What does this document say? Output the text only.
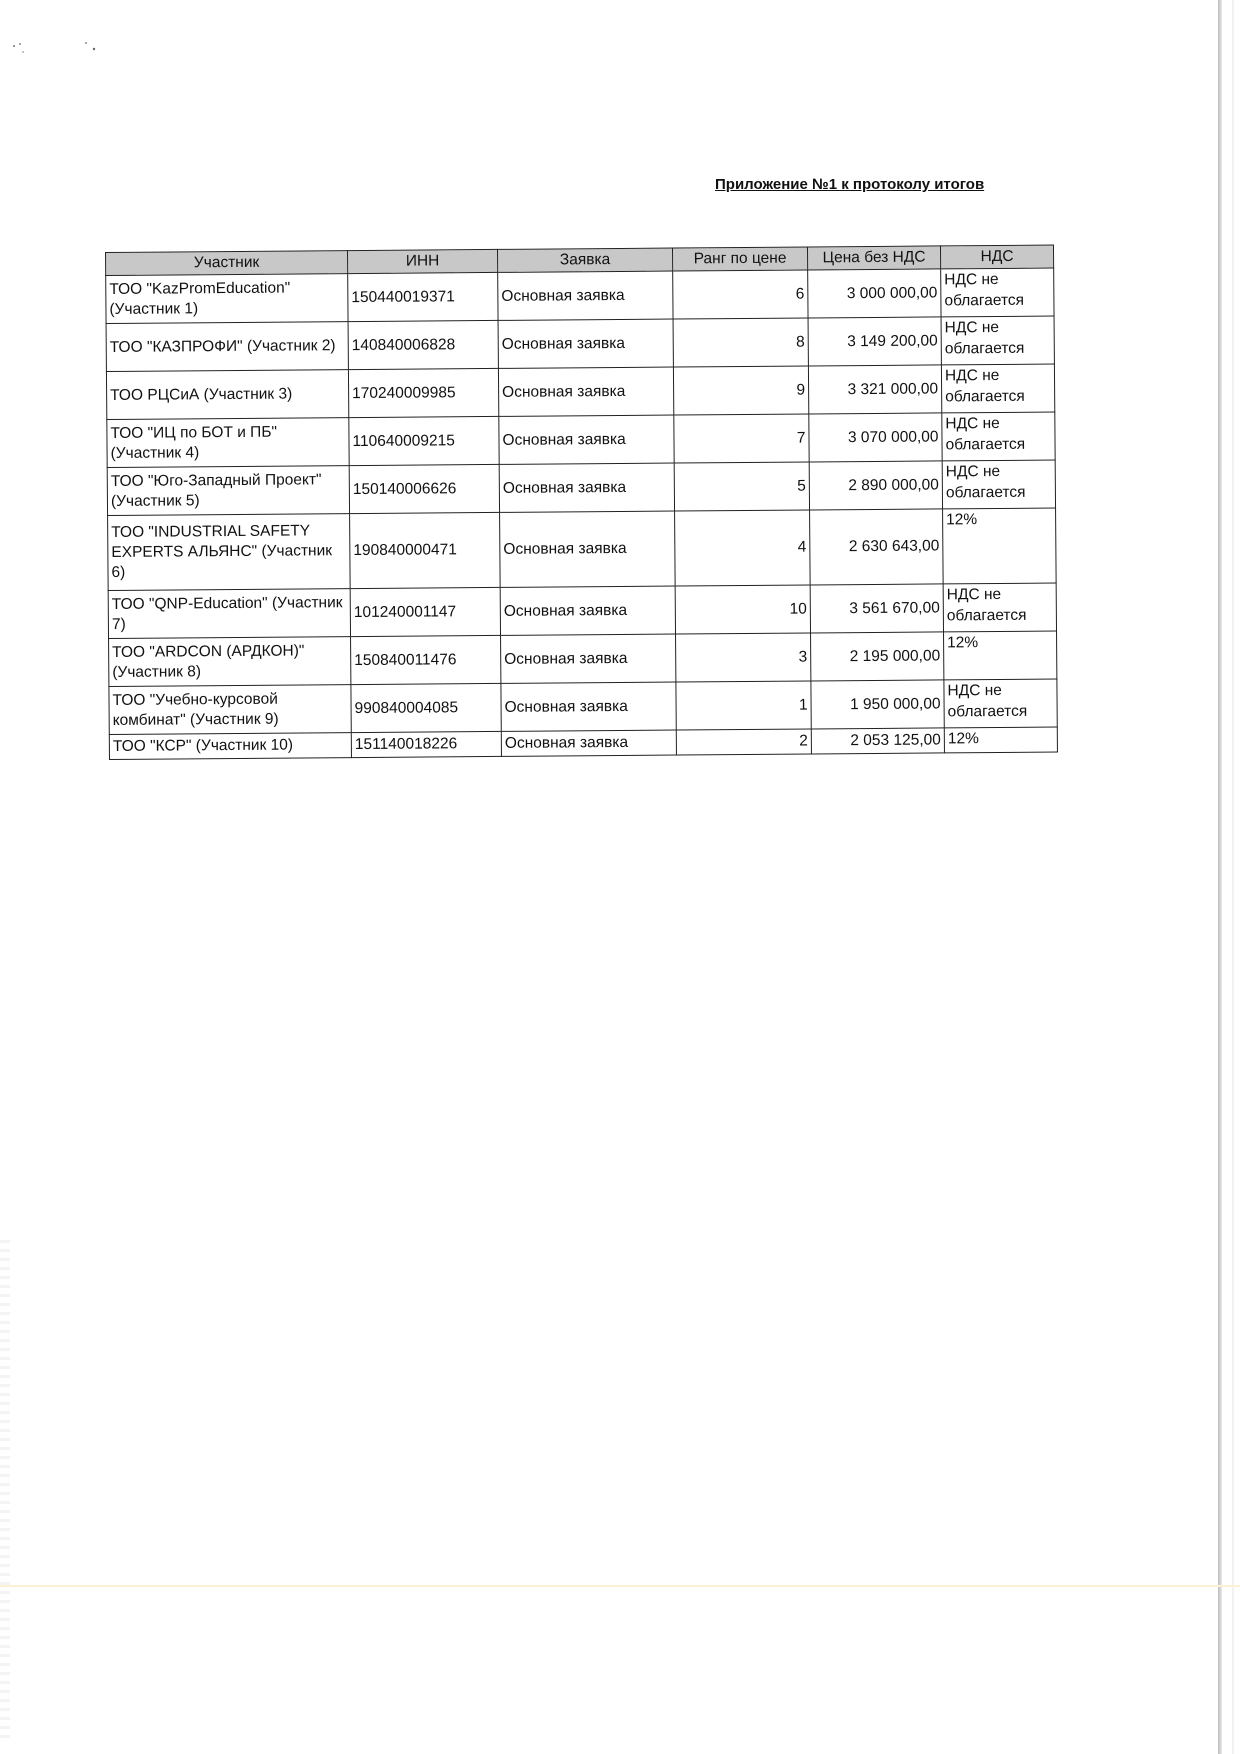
Приложение №1 к протоколу итогов
Участник	ИНН	Заявка	Ранг по цене	Цена без НДС	НДС
ТОО "KazPromEducation" (Участник 1)	150440019371	Основная заявка	6	3 000 000,00	НДС не облагается
ТОО "КАЗПРОФИ" (Участник 2)	140840006828	Основная заявка	8	3 149 200,00	НДС не облагается
ТОО РЦСиА (Участник 3)	170240009985	Основная заявка	9	3 321 000,00	НДС не облагается
ТОО "ИЦ по БОТ и ПБ" (Участник 4)	110640009215	Основная заявка	7	3 070 000,00	НДС не облагается
ТОО "Юго-Западный Проект" (Участник 5)	150140006626	Основная заявка	5	2 890 000,00	НДС не облагается
ТОО "INDUSTRIAL SAFETY EXPERTS АЛЬЯНС" (Участник 6)	190840000471	Основная заявка	4	2 630 643,00	12%
ТОО "QNP-Education" (Участник 7)	101240001147	Основная заявка	10	3 561 670,00	НДС не облагается
ТОО "ARDCON (АРДКОН)" (Участник 8)	150840011476	Основная заявка	3	2 195 000,00	12%
ТОО "Учебно-курсовой комбинат" (Участник 9)	990840004085	Основная заявка	1	1 950 000,00	НДС не облагается
ТОО "КСР" (Участник 10)	151140018226	Основная заявка	2	2 053 125,00	12%
